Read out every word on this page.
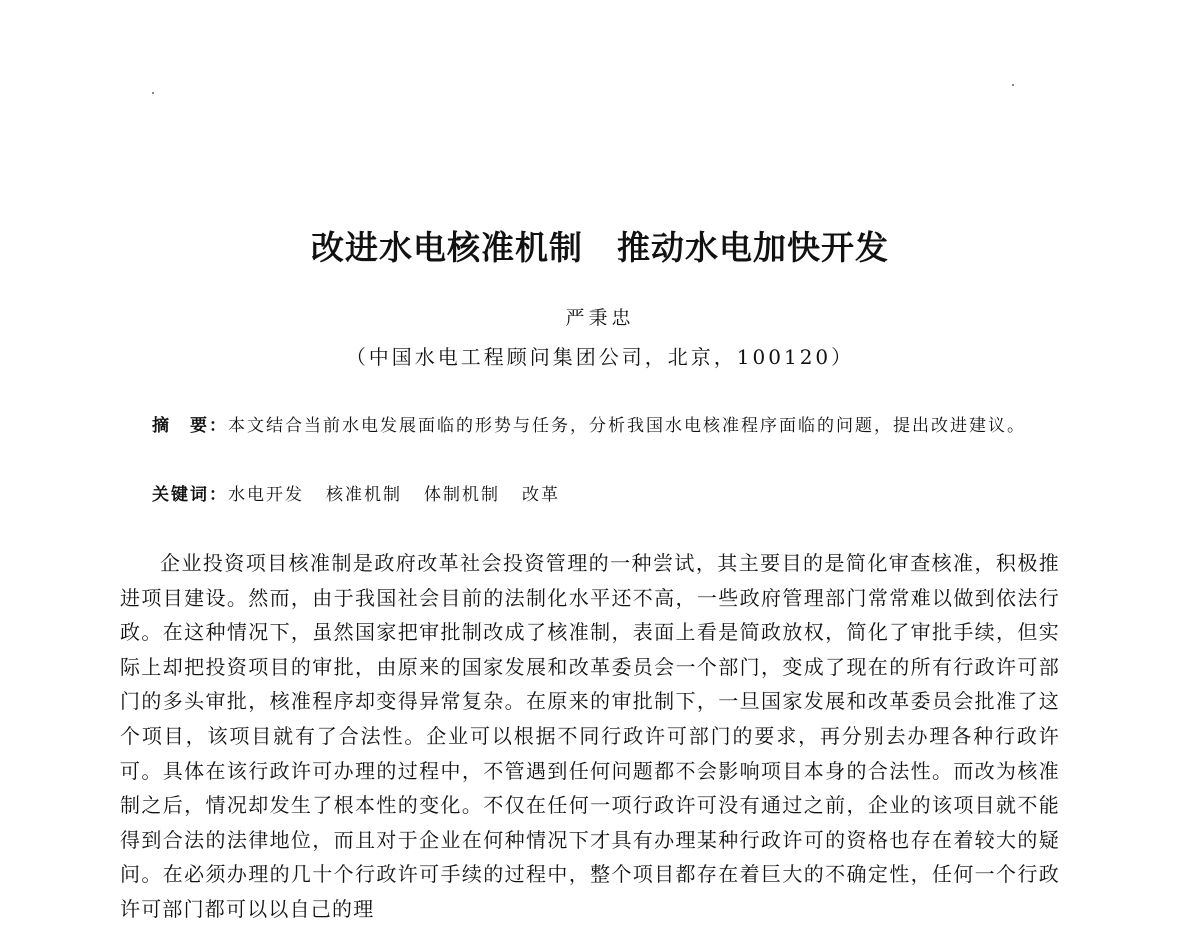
改进水电核准机制　推动水电加快开发
严秉忠
（中国水电工程顾问集团公司，北京，100120）
摘　要：本文结合当前水电发展面临的形势与任务，分析我国水电核准程序面临的问题，提出改进建议。
关键词：水电开发 核准机制 体制机制 改革

企业投资项目核准制是政府改革社会投资管理的一种尝试，其主要目的是简化审查核准，积极推进项目建设。然而，由于我国社会目前的法制化水平还不高，一些政府管理部门常常难以做到依法行政。在这种情况下，虽然国家把审批制改成了核准制，表面上看是简政放权，简化了审批手续，但实际上却把投资项目的审批，由原来的国家发展和改革委员会一个部门，变成了现在的所有行政许可部门的多头审批，核准程序却变得异常复杂。在原来的审批制下，一旦国家发展和改革委员会批准了这个项目，该项目就有了合法性。企业可以根据不同行政许可部门的要求，再分别去办理各种行政许可。具体在该行政许可办理的过程中，不管遇到任何问题都不会影响项目本身的合法性。而改为核准制之后，情况却发生了根本性的变化。不仅在任何一项行政许可没有通过之前，企业的该项目就不能得到合法的法律地位，而且对于企业在何种情况下才具有办理某种行政许可的资格也存在着较大的疑问。在必须办理的几十个行政许可手续的过程中，整个项目都存在着巨大的不确定性，任何一个行政许可部门都可以以自己的理
